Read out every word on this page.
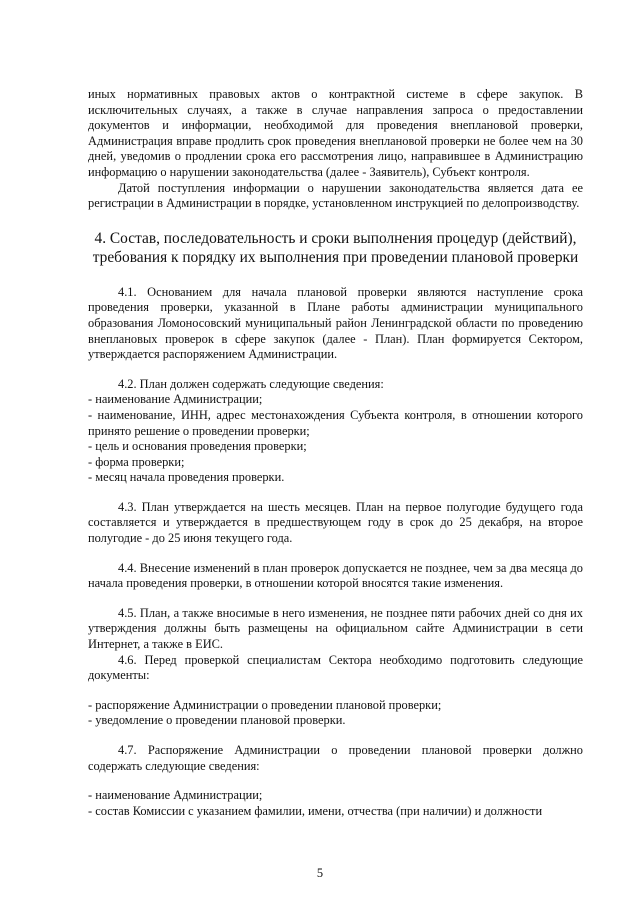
иных нормативных правовых актов о контрактной системе в сфере закупок. В исключительных случаях, а также в случае направления запроса о предоставлении документов и информации, необходимой для проведения внеплановой проверки, Администрация вправе продлить срок проведения внеплановой проверки не более чем на 30 дней, уведомив о продлении срока его рассмотрения лицо, направившее в Администрацию информацию о нарушении законодательства (далее - Заявитель), Субъект контроля.

Датой поступления информации о нарушении законодательства является дата ее регистрации в Администрации в порядке, установленном инструкцией по делопроизводству.

4. Состав, последовательность и сроки выполнения процедур (действий), требования к порядку их выполнения при проведении плановой проверки

4.1. Основанием для начала плановой проверки являются наступление срока проведения проверки, указанной в Плане работы администрации муниципального образования Ломоносовский муниципальный район Ленинградской области по проведению внеплановых проверок в сфере закупок (далее - План). План формируется Сектором, утверждается распоряжением Администрации.

4.2. План должен содержать следующие сведения:

- наименование Администрации;

- наименование, ИНН, адрес местонахождения Субъекта контроля, в отношении которого принято решение о проведении проверки;

- цель и основания проведения проверки;

- форма проверки;

- месяц начала проведения проверки.

4.3. План утверждается на шесть месяцев. План на первое полугодие будущего года составляется и утверждается в предшествующем году в срок до 25 декабря, на второе полугодие - до 25 июня текущего года.

4.4. Внесение изменений в план проверок допускается не позднее, чем за два месяца до начала проведения проверки, в отношении которой вносятся такие изменения.

4.5. План, а также вносимые в него изменения, не позднее пяти рабочих дней со дня их утверждения должны быть размещены на официальном сайте Администрации в сети Интернет, а также в ЕИС.

4.6. Перед проверкой специалистам Сектора необходимо подготовить следующие документы:

- распоряжение Администрации о проведении плановой проверки;

- уведомление о проведении плановой проверки.

4.7. Распоряжение Администрации о проведении плановой проверки должно содержать следующие сведения:

- наименование Администрации;

- состав Комиссии с указанием фамилии, имени, отчества (при наличии) и должности

5
